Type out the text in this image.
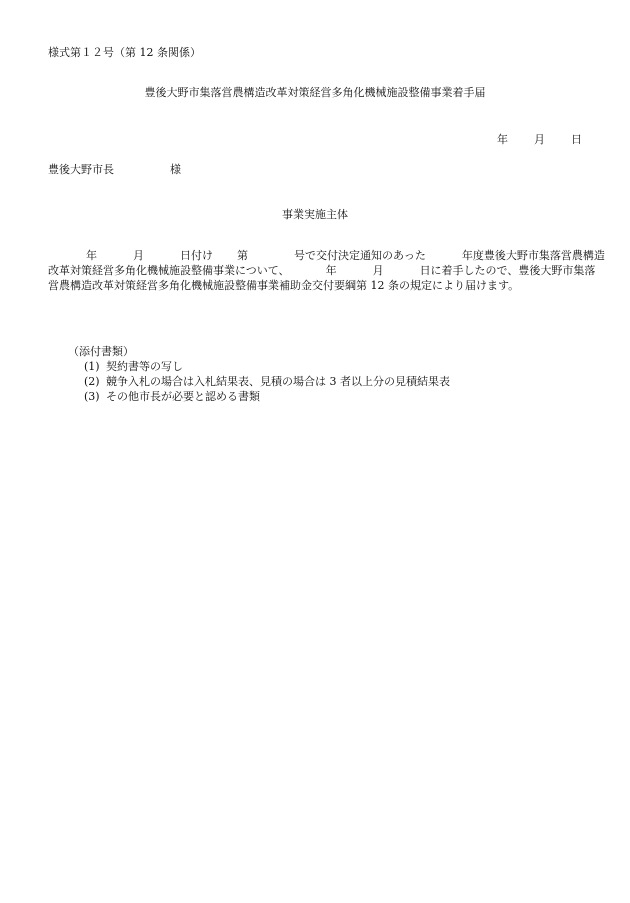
様式第１２号（第 12 条関係）
豊後大野市集落営農構造改革対策経営多角化機械施設整備事業着手届
年 月 日
豊後大野市長	様
事業実施主体
年	月	日付け 第	号で交付決定通知のあった	年度豊後大野市集落営農構造
改革対策経営多角化機械施設整備事業について、	年	月	日に着手したので、豊後大野市集落
営農構造改革対策経営多角化機械施設整備事業補助金交付要綱第 12 条の規定により届けます。
（添付書類）
(1) 契約書等の写し
(2) 競争入札の場合は入札結果表、見積の場合は 3 者以上分の見積結果表
(3) その他市長が必要と認める書類
